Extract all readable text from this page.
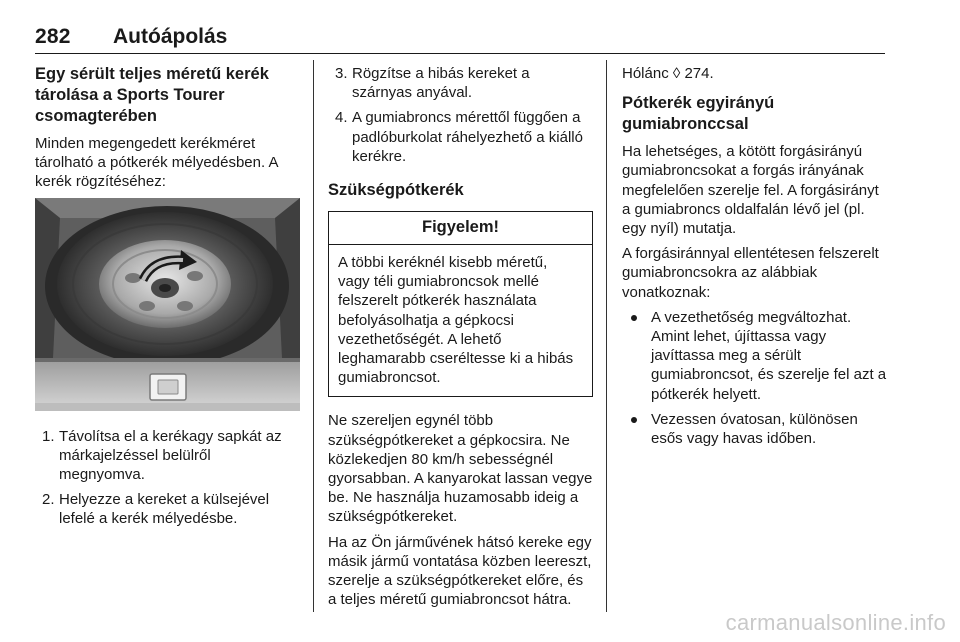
282 Autóápolás
Egy sérült teljes méretű kerék tárolása a Sports Tourer csomagterében

Minden megengedett kerékméret tárolható a pótkerék mélyedésben. A kerék rögzítéséhez:

1. Távolítsa el a kerékagy sapkát az márkajelzéssel belülről megnyomva.
2. Helyezze a kereket a külsejével lefelé a kerék mélyedésbe.
3. Rögzítse a hibás kereket a szárnyas anyával.
4. A gumiabroncs mérettől függően a padlóburkolat ráhelyezhető a kiálló kerékre.
Szükségpótkerék
Figyelem!

A többi keréknél kisebb méretű, vagy téli gumiabroncsok mellé felszerelt pótkerék használata befolyásolhatja a gépkocsi vezethetőségét. A lehető leghamarabb cseréltesse ki a hibás gumiabroncsot.

Ne szereljen egynél több szükségpótkereket a gépkocsira. Ne közlekedjen 80 km/h sebességnél gyorsabban. A kanyarokat lassan vegye be. Ne használja huzamosabb ideig a szükségpótkereket.

Ha az Ön járművének hátsó kereke egy másik jármű vontatása közben leereszt, szerelje a szükségpótkereket előre, és a teljes méretű gumiabroncsot hátra.

Hólánc ◊ 274.

Pótkerék egyirányú gumiabronccsal

Ha lehetséges, a kötött forgásirányú gumiabroncsokat a forgás irányának megfelelően szerelje fel. A forgásirányt a gumiabroncs oldalfalán lévő jel (pl. egy nyíl) mutatja.

A forgásiránnyal ellentétesen felszerelt gumiabroncsokra az alábbiak vonatkoznak:

A vezethetőség megváltozhat. Amint lehet, újíttassa vagy javíttassa meg a sérült gumiabroncsot, és szerelje fel azt a pótkerék helyett.
Vezessen óvatosan, különösen esős vagy havas időben.
carmanualsonline.info
